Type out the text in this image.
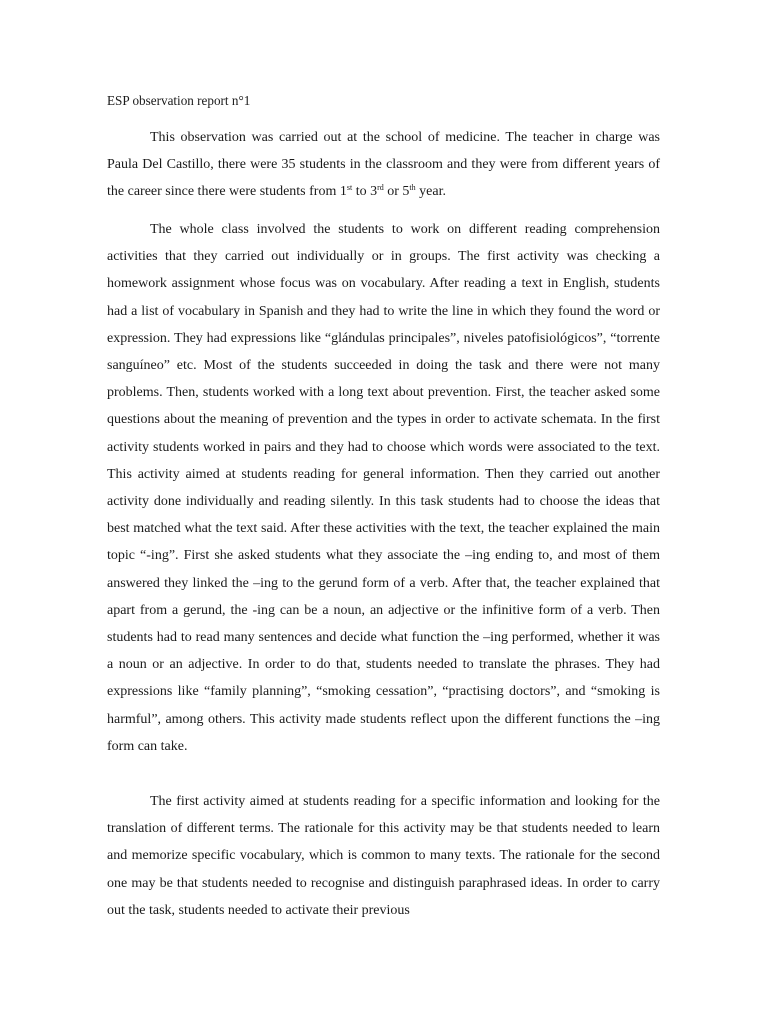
ESP observation report n°1

This observation was carried out at the school of medicine. The teacher in charge was Paula Del Castillo, there were 35 students in the classroom and they were from different years of the career since there were students from 1st to 3rd or 5th year.

The whole class involved the students to work on different reading comprehension activities that they carried out individually or in groups. The first activity was checking a homework assignment whose focus was on vocabulary. After reading a text in English, students had a list of vocabulary in Spanish and they had to write the line in which they found the word or expression. They had expressions like “glándulas principales”, niveles patofisiológicos”, “torrente sanguíneo” etc. Most of the students succeeded in doing the task and there were not many problems. Then, students worked with a long text about prevention. First, the teacher asked some questions about the meaning of prevention and the types in order to activate schemata. In the first activity students worked in pairs and they had to choose which words were associated to the text. This activity aimed at students reading for general information. Then they carried out another activity done individually and reading silently. In this task students had to choose the ideas that best matched what the text said. After these activities with the text, the teacher explained the main topic “-ing”. First she asked students what they associate the –ing ending to, and most of them answered they linked the –ing to the gerund form of a verb. After that, the teacher explained that apart from a gerund, the -ing can be a noun, an adjective or the infinitive form of a verb. Then students had to read many sentences and decide what function the –ing performed, whether it was a noun or an adjective. In order to do that, students needed to translate the phrases. They had expressions like “family planning”, “smoking cessation”, “practising doctors”, and “smoking is harmful”, among others. This activity made students reflect upon the different functions the –ing form can take.

The first activity aimed at students reading for a specific information and looking for the translation of different terms. The rationale for this activity may be that students needed to learn and memorize specific vocabulary, which is common to many texts. The rationale for the second one may be that students needed to recognise and distinguish paraphrased ideas. In order to carry out the task, students needed to activate their previous
